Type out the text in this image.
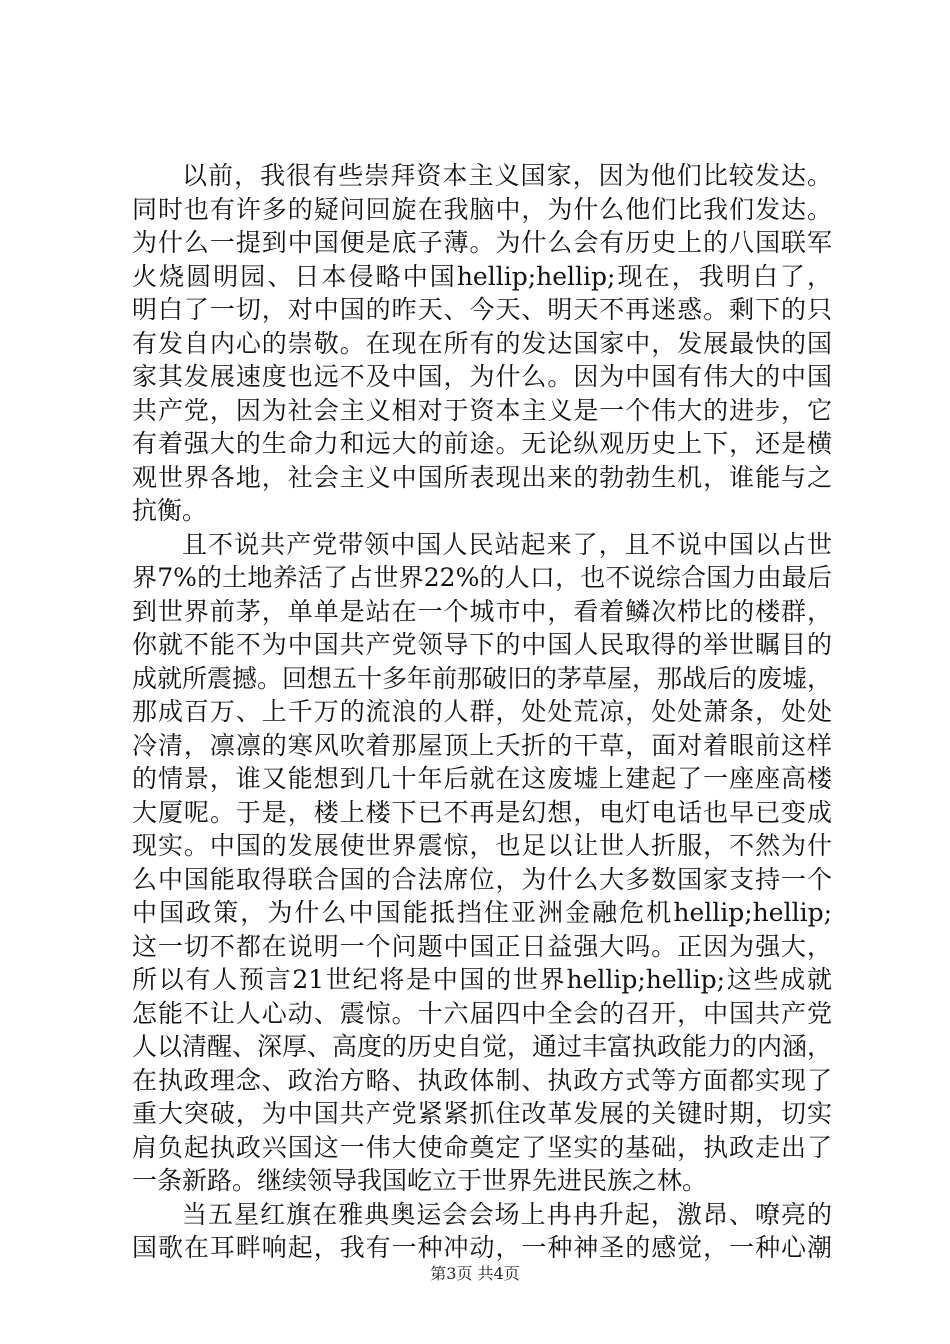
以前，我很有些崇拜资本主义国家，因为他们比较发达。
同时也有许多的疑问回旋在我脑中，为什么他们比我们发达。
为什么一提到中国便是底子薄。为什么会有历史上的八国联军
火烧圆明园、日本侵略中国hellip;hellip;现在，我明白了，
明白了一切，对中国的昨天、今天、明天不再迷惑。剩下的只
有发自内心的崇敬。在现在所有的发达国家中，发展最快的国
家其发展速度也远不及中国，为什么。因为中国有伟大的中国
共产党，因为社会主义相对于资本主义是一个伟大的进步，它
有着强大的生命力和远大的前途。无论纵观历史上下，还是横
观世界各地，社会主义中国所表现出来的勃勃生机，谁能与之
抗衡。
且不说共产党带领中国人民站起来了，且不说中国以占世
界7%的土地养活了占世界22%的人口，也不说综合国力由最后
到世界前茅，单单是站在一个城市中，看着鳞次栉比的楼群，
你就不能不为中国共产党领导下的中国人民取得的举世瞩目的
成就所震撼。回想五十多年前那破旧的茅草屋，那战后的废墟，
那成百万、上千万的流浪的人群，处处荒凉，处处萧条，处处
冷清，凛凛的寒风吹着那屋顶上夭折的干草，面对着眼前这样
的情景，谁又能想到几十年后就在这废墟上建起了一座座高楼
大厦呢。于是，楼上楼下已不再是幻想，电灯电话也早已变成
现实。中国的发展使世界震惊，也足以让世人折服，不然为什
么中国能取得联合国的合法席位，为什么大多数国家支持一个
中国政策，为什么中国能抵挡住亚洲金融危机hellip;hellip;
这一切不都在说明一个问题中国正日益强大吗。正因为强大，
所以有人预言21世纪将是中国的世界hellip;hellip;这些成就
怎能不让人心动、震惊。十六届四中全会的召开，中国共产党
人以清醒、深厚、高度的历史自觉，通过丰富执政能力的内涵，
在执政理念、政治方略、执政体制、执政方式等方面都实现了
重大突破，为中国共产党紧紧抓住改革发展的关键时期，切实
肩负起执政兴国这一伟大使命奠定了坚实的基础，执政走出了
一条新路。继续领导我国屹立于世界先进民族之林。
当五星红旗在雅典奥运会会场上冉冉升起，激昂、嘹亮的
国歌在耳畔响起，我有一种冲动，一种神圣的感觉，一种心潮
第3页 共4页
